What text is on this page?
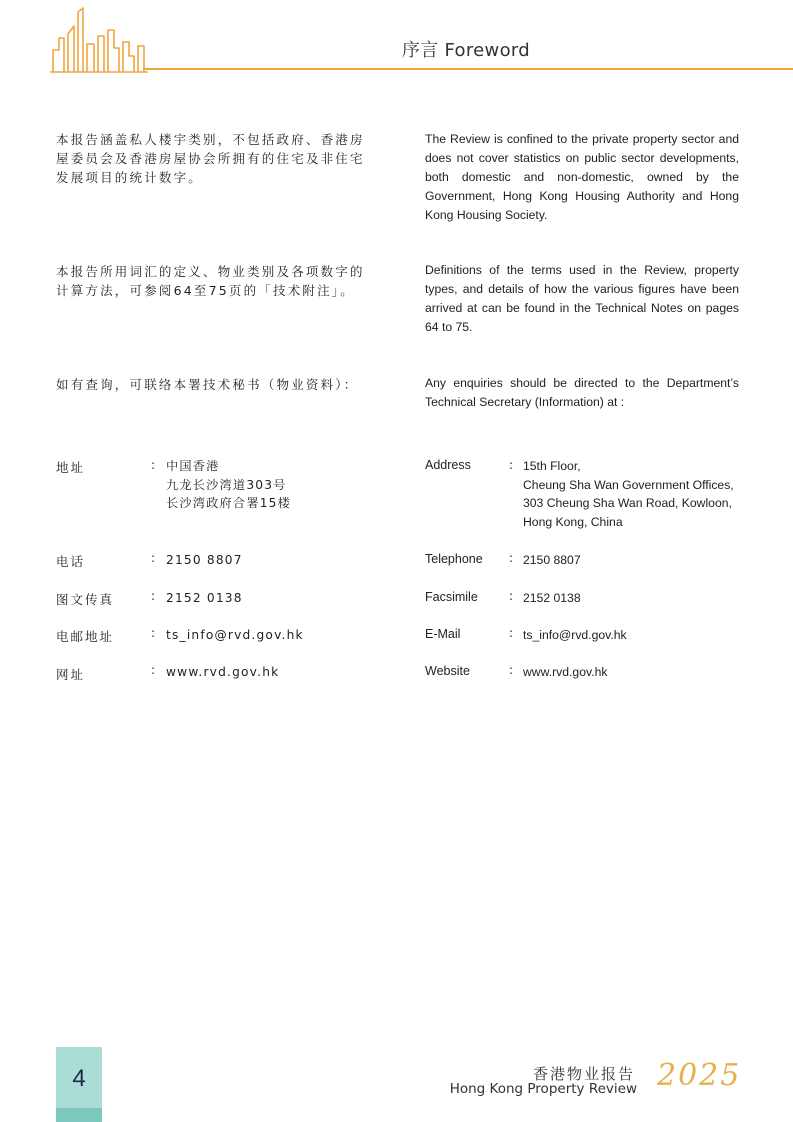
序言 Foreword
本报告涵盖私人楼宇类别，不包括政府、香港房屋委员会及香港房屋协会所拥有的住宅及非住宅发展项目的统计数字。
The Review is confined to the private property sector and does not cover statistics on public sector developments, both domestic and non-domestic, owned by the Government, Hong Kong Housing Authority and Hong Kong Housing Society.
本报告所用词汇的定义、物业类别及各项数字的计算方法，可参阅64至75页的「技术附注」。
Definitions of the terms used in the Review, property types, and details of how the various figures have been arrived at can be found in the Technical Notes on pages 64 to 75.
如有查询，可联络本署技术秘书（物业资料）：	Any enquiries should be directed to the Department’s Technical Secretary (Information) at :
地址	: 中国香港
九龙长沙湾道303号
长沙湾政府合署15楼
Address	: 15th Floor,
Cheung Sha Wan Government Offices,
303 Cheung Sha Wan Road, Kowloon,
Hong Kong, China
电话	: 2150 8807	Telephone : 2150 8807
图文传真	: 2152 0138	Facsimile	: 2152 0138
电邮地址	: ts_info@rvd.gov.hk	E-Mail	: ts_info@rvd.gov.hk
网址	: www.rvd.gov.hk	Website	: www.rvd.gov.hk
4	香港物业报告
Hong Kong Property Review 2025
